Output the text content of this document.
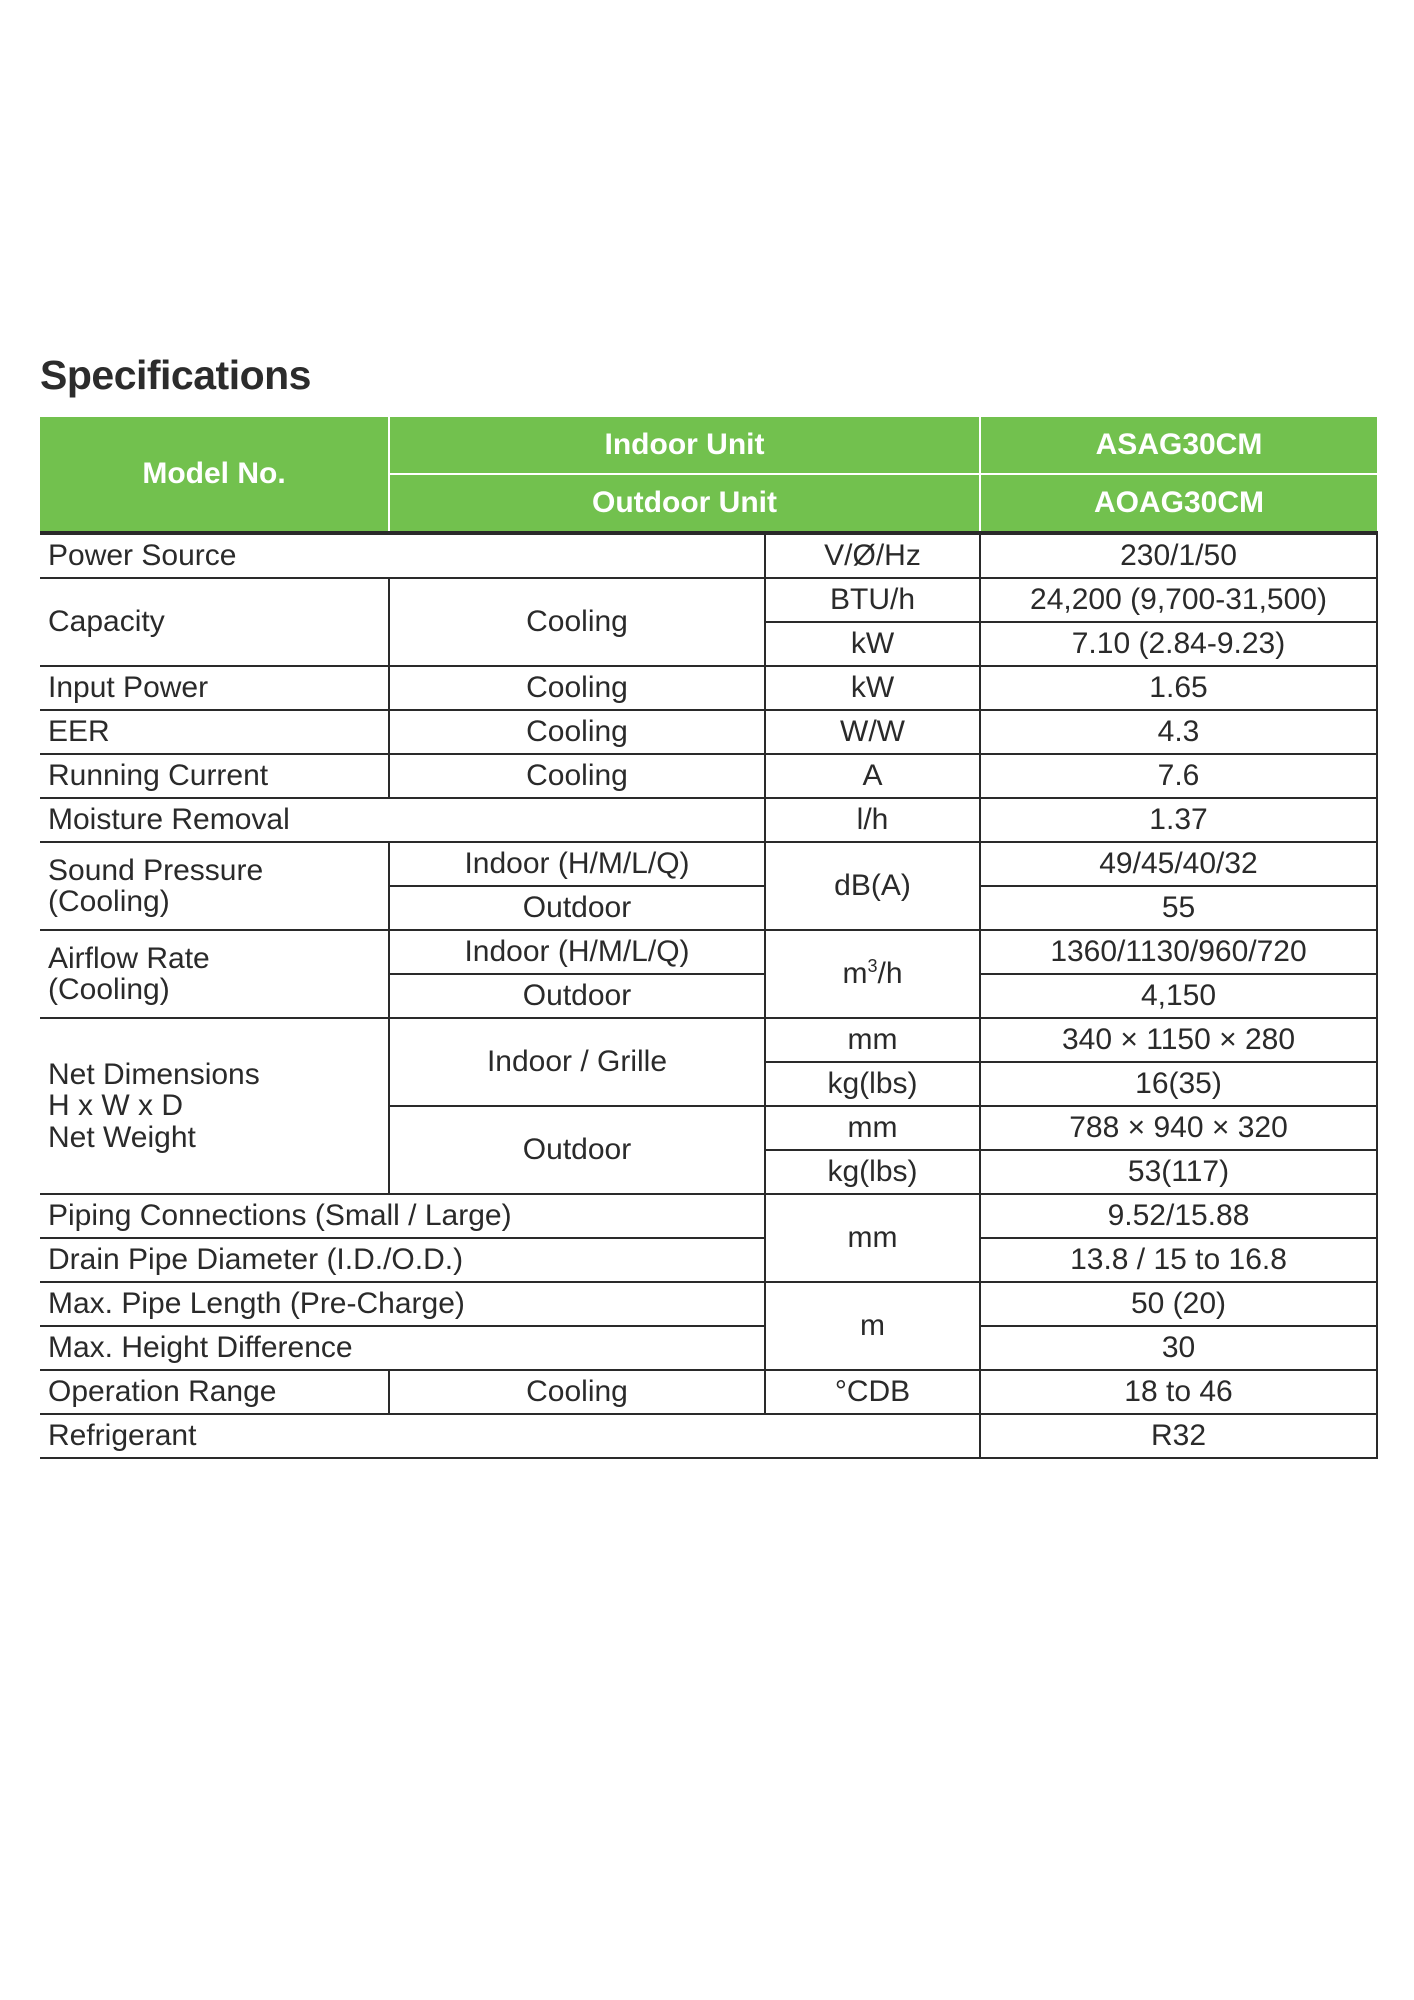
Specifications
Model No.	Indoor Unit		ASAG30CM
	Outdoor Unit		AOAG30CM
Power Source		V/Ø/Hz	230/1/50
Capacity	Cooling	BTU/h	24,200 (9,700-31,500)
		kW	7.10 (2.84-9.23)
Input Power	Cooling	kW	1.65
EER	Cooling	W/W	4.3
Running Current	Cooling	A	7.6
Moisture Removal		l/h	1.37
Sound Pressure
(Cooling)	Indoor (H/M/L/Q)	dB(A)	49/45/40/32
	Outdoor		55
Airflow Rate
(Cooling)	Indoor (H/M/L/Q)	$m^3/h$	1360/1130/960/720
	Outdoor		4,150
Net Dimensions
H x W x D
Net Weight	Indoor / Grille	mm	340 × 1150 × 280
		kg(lbs)	16(35)
	Outdoor	mm	788 × 940 × 320
		kg(lbs)	53(117)
Piping Connections (Small / Large)		mm	9.52/15.88
Drain Pipe Diameter (I.D./O.D.)			13.8 / 15 to 16.8
Max. Pipe Length (Pre-Charge)		m	50 (20)
Max. Height Difference			30
Operation Range	Cooling	°CDB	18 to 46
Refrigerant			R32
